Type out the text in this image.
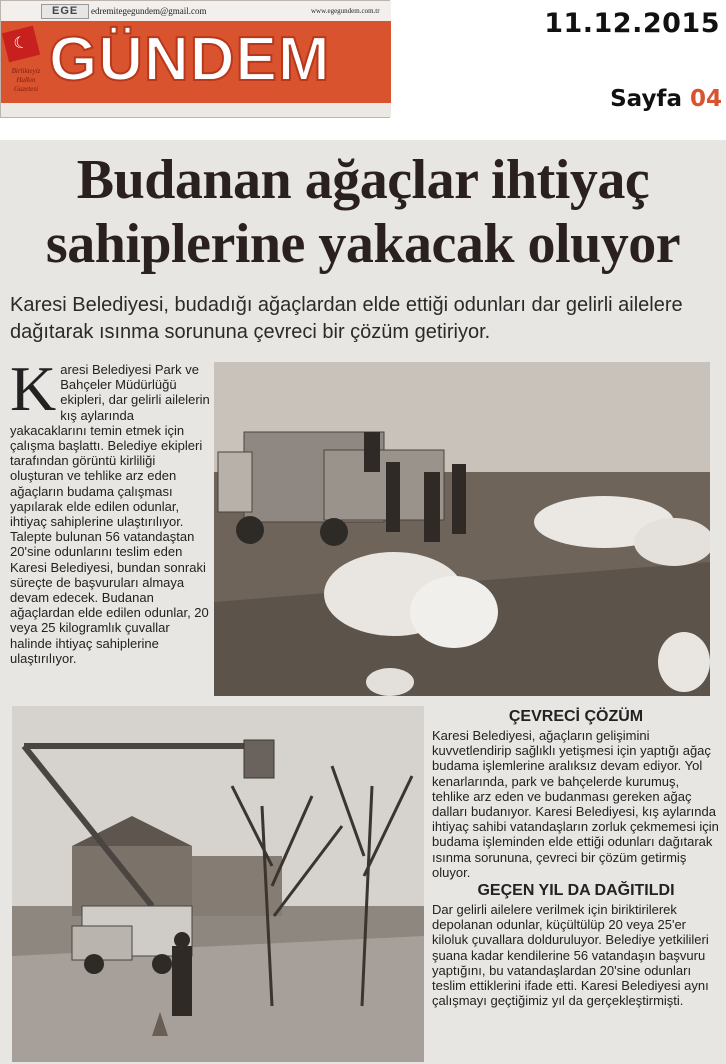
EGE	edremitegegundem@gmail.com	www.egegundem.com.tr
☾ GÜNDEM
Birlikteyiz Halkın Gazetesi
11.12.2015
Sayfa 04
Budanan ağaçlar ihtiyaç
sahiplerine yakacak oluyor
Karesi Belediyesi, budadığı ağaçlardan elde ettiği odunları dar gelirli ailelere dağıtarak ısınma sorununa çevreci bir çözüm getiriyor.
K aresi Belediyesi Park ve Bahçeler Müdürlüğü ekipleri, dar gelirli ailelerin kış aylarında yakacaklarını temin etmek için çalışma başlattı. Belediye ekipleri tarafından görüntü kirliliği oluşturan ve tehlike arz eden ağaçların budama çalışması yapılarak elde edilen odunlar, ihtiyaç sahiplerine ulaştırılıyor. Talepte bulunan 56 vatandaştan 20'sine odunlarını teslim eden Karesi Belediyesi, bundan sonraki süreçte de başvuruları almaya devam edecek. Budanan ağaçlardan elde edilen odunlar, 20 veya 25 kilogramlık çuvallar halinde ihtiyaç sahiplerine ulaştırılıyor.
ÇEVRECİ ÇÖZÜM
Karesi Belediyesi, ağaçların gelişimini kuvvetlendirip sağlıklı yetişmesi için yaptığı ağaç budama işlemlerine aralıksız devam ediyor. Yol kenarlarında, park ve bahçelerde kurumuş, tehlike arz eden ve budanması gereken ağaç dalları budanıyor. Karesi Belediyesi, kış aylarında ihtiyaç sahibi vatandaşların zorluk çekmemesi için budama işleminden elde ettiği odunları dağıtarak ısınma sorununa, çevreci bir çözüm getirmiş oluyor.
GEÇEN YIL DA DAĞITILDI
Dar gelirli ailelere verilmek için biriktirilerek depolanan odunlar, küçültülüp 20 veya 25'er kiloluk çuvallara dolduruluyor. Belediye yetkilileri şuana kadar kendilerine 56 vatandaşın başvuru yaptığını, bu vatandaşlardan 20'sine odunları teslim ettiklerini ifade etti. Karesi Belediyesi aynı çalışmayı geçtiğimiz yıl da gerçekleştirmişti.
